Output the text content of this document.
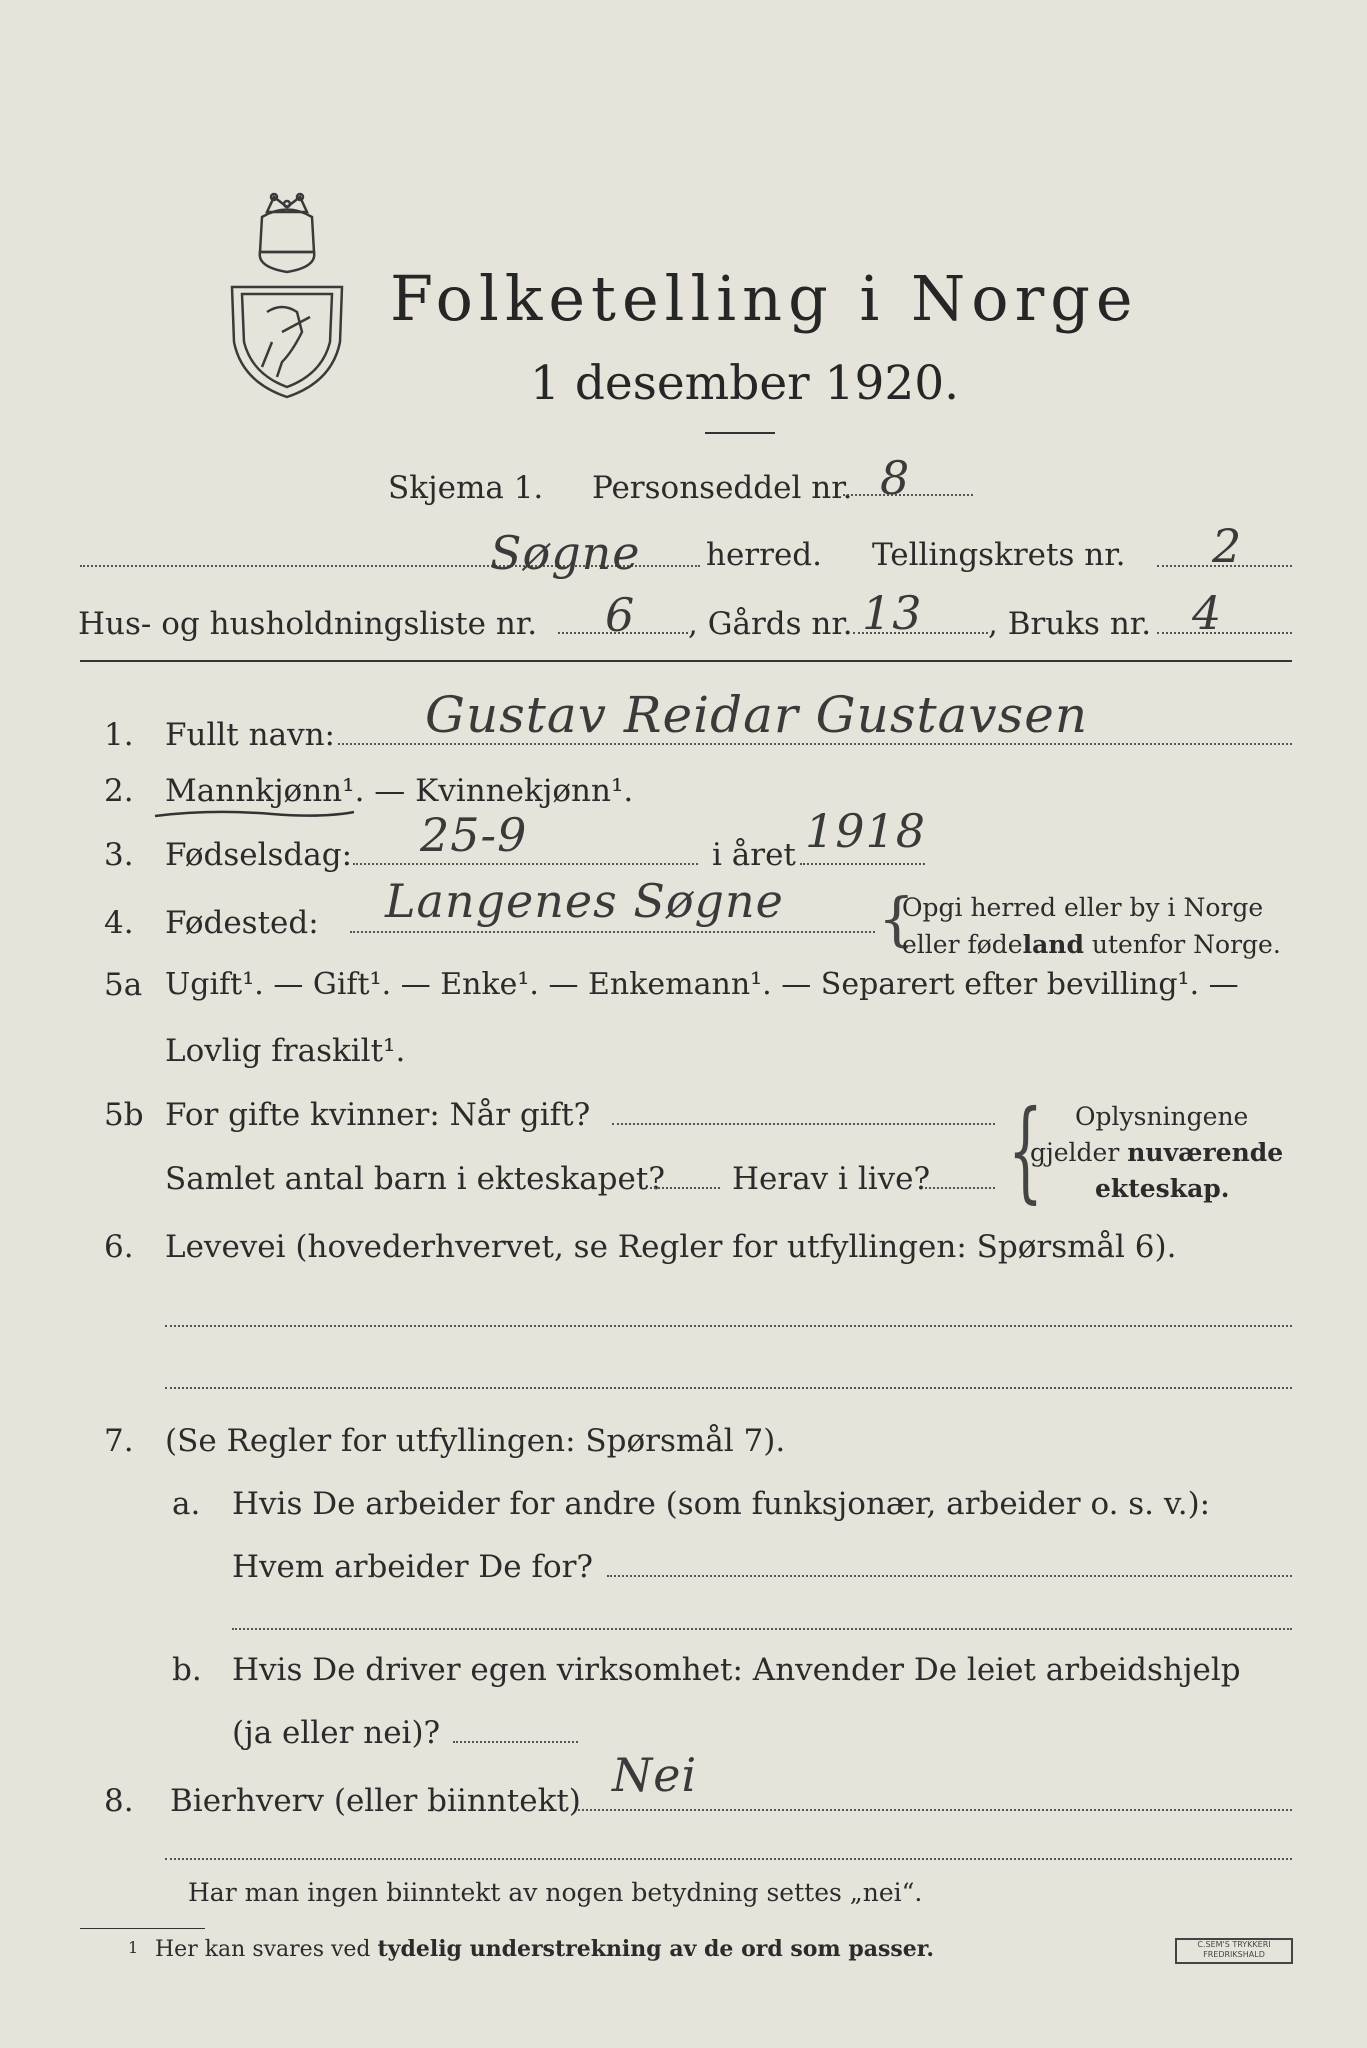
Folketelling i Norge
1 desember 1920.
Skjema 1. Personseddel nr. 8
Søgne herred. Tellingskrets nr. 2
Hus- og husholdningsliste nr. 6 , Gårds nr. 13 , Bruks nr. 4
1. Fullt navn: Gustav Reidar Gustavsen
2. Mannkjønn¹. — Kvinnekjønn¹.
3. Fødselsdag: 25-9	i året 1918
4. Fødested: Langenes Søgne {
Opgi herred eller by i Norge
eller fødeland utenfor Norge.
5a Ugift¹. — Gift¹. — Enke¹. — Enkemann¹. — Separert efter bevilling¹. —
Lovlig fraskilt¹.
5b For gifte kvinner: Når gift?
Samlet antal barn i ekteskapet? Herav i live? { Oplysningene
gjelder nuværende
ekteskap.
6. Levevei (hovederhvervet, se Regler for utfyllingen: Spørsmål 6).
7. (Se Regler for utfyllingen: Spørsmål 7).
a. Hvis De arbeider for andre (som funksjonær, arbeider o. s. v.):
Hvem arbeider De for?
b. Hvis De driver egen virksomhet: Anvender De leiet arbeidshjelp
(ja eller nei)?
8. Bierhverv (eller biinntekt) Nei
Har man ingen biinntekt av nogen betydning settes „nei“.
1 Her kan svares ved tydelig understrekning av de ord som passer.	C.SEM'S TRYKKERI FREDRIKSHALD
